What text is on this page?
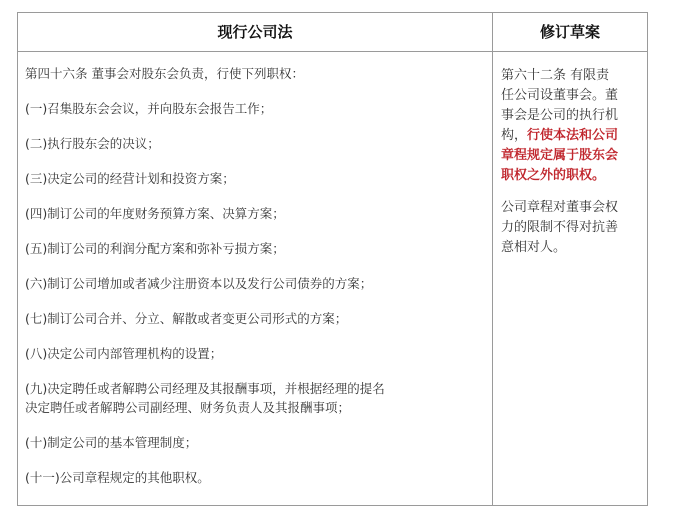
现行公司法	修订草案
第四十六条 董事会对股东会负责，行使下列职权：
(一)召集股东会会议，并向股东会报告工作；
(二)执行股东会的决议；
(三)决定公司的经营计划和投资方案；
(四)制订公司的年度财务预算方案、决算方案；
(五)制订公司的利润分配方案和弥补亏损方案；
(六)制订公司增加或者减少注册资本以及发行公司债券的方案；
(七)制订公司合并、分立、解散或者变更公司形式的方案；
(八)决定公司内部管理机构的设置；
(九)决定聘任或者解聘公司经理及其报酬事项，并根据经理的提名
决定聘任或者解聘公司副经理、财务负责人及其报酬事项；
(十)制定公司的基本管理制度；
(十一)公司章程规定的其他职权。
第六十二条 有限责
任公司设董事会。董
事会是公司的执行机
构，行使本法和公司
章程规定属于股东会
职权之外的职权。
公司章程对董事会权
力的限制不得对抗善
意相对人。
